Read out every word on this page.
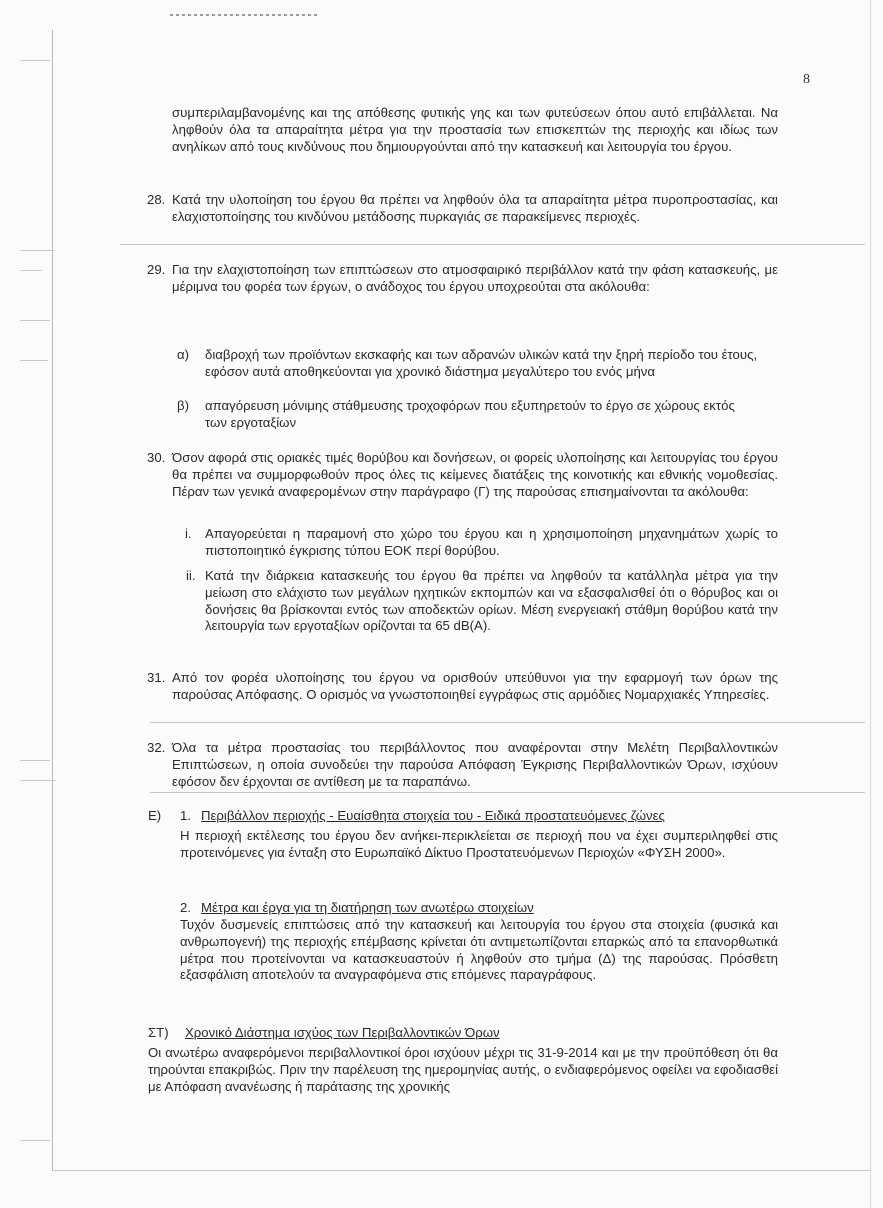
8
συμπεριλαμβανομένης και της απόθεσης φυτικής γης και των φυτεύσεων όπου αυτό επιβάλλεται. Να ληφθούν όλα τα απαραίτητα μέτρα για την προστασία των επισκεπτών της περιοχής και ιδίως των ανηλίκων από τους κινδύνους που δημιουργούνται από την κατασκευή και λειτουργία του έργου.
28. Κατά την υλοποίηση του έργου θα πρέπει να ληφθούν όλα τα απαραίτητα μέτρα πυροπροστασίας, και ελαχιστοποίησης του κινδύνου μετάδοσης πυρκαγιάς σε παρακείμενες περιοχές.
29. Για την ελαχιστοποίηση των επιπτώσεων στο ατμοσφαιρικό περιβάλλον κατά την φάση κατασκευής, με μέριμνα του φορέα των έργων, ο ανάδοχος του έργου υποχρεούται στα ακόλουθα:
α) διαβροχή των προϊόντων εκσκαφής και των αδρανών υλικών κατά την ξηρή περίοδο του έτους, εφόσον αυτά αποθηκεύονται για χρονικό διάστημα μεγαλύτερο του ενός μήνα
β) απαγόρευση μόνιμης στάθμευσης τροχοφόρων που εξυπηρετούν το έργο σε χώρους εκτός των εργοταξίων
30. Όσον αφορά στις οριακές τιμές θορύβου και δονήσεων, οι φορείς υλοποίησης και λειτουργίας του έργου θα πρέπει να συμμορφωθούν προς όλες τις κείμενες διατάξεις της κοινοτικής και εθνικής νομοθεσίας. Πέραν των γενικά αναφερομένων στην παράγραφο (Γ) της παρούσας επισημαίνονται τα ακόλουθα:
i. Απαγορεύεται η παραμονή στο χώρο του έργου και η χρησιμοποίηση μηχανημάτων χωρίς το πιστοποιητικό έγκρισης τύπου ΕΟΚ περί θορύβου.
ii. Κατά την διάρκεια κατασκευής του έργου θα πρέπει να ληφθούν τα κατάλληλα μέτρα για την μείωση στο ελάχιστο των μεγάλων ηχητικών εκπομπών και να εξασφαλισθεί ότι ο θόρυβος και οι δονήσεις θα βρίσκονται εντός των αποδεκτών ορίων. Μέση ενεργειακή στάθμη θορύβου κατά την λειτουργία των εργοταξίων ορίζονται τα 65 dB(A).
31. Από τον φορέα υλοποίησης του έργου να ορισθούν υπεύθυνοι για την εφαρμογή των όρων της παρούσας Απόφασης. Ο ορισμός να γνωστοποιηθεί εγγράφως στις αρμόδιες Νομαρχιακές Υπηρεσίες.
32. Όλα τα μέτρα προστασίας του περιβάλλοντος που αναφέρονται στην Μελέτη Περιβαλλοντικών Επιπτώσεων, η οποία συνοδεύει την παρούσα Απόφαση Έγκρισης Περιβαλλοντικών Όρων, ισχύουν εφόσον δεν έρχονται σε αντίθεση με τα παραπάνω.
Ε) 1. Περιβάλλον περιοχής - Ευαίσθητα στοιχεία του - Ειδικά προστατευόμενες ζώνες
Η περιοχή εκτέλεσης του έργου δεν ανήκει-περικλείεται σε περιοχή που να έχει συμπεριληφθεί στις προτεινόμενες για ένταξη στο Ευρωπαϊκό Δίκτυο Προστατευόμενων Περιοχών «ΦΥΣΗ 2000».
2. Μέτρα και έργα για τη διατήρηση των ανωτέρω στοιχείων
Τυχόν δυσμενείς επιπτώσεις από την κατασκευή και λειτουργία του έργου στα στοιχεία (φυσικά και ανθρωπογενή) της περιοχής επέμβασης κρίνεται ότι αντιμετωπίζονται επαρκώς από τα επανορθωτικά μέτρα που προτείνονται να κατασκευαστούν ή ληφθούν στο τμήμα (Δ) της παρούσας. Πρόσθετη εξασφάλιση αποτελούν τα αναγραφόμενα στις επόμενες παραγράφους.
ΣΤ) Χρονικό Διάστημα ισχύος των Περιβαλλοντικών Όρων
Οι ανωτέρω αναφερόμενοι περιβαλλοντικοί όροι ισχύουν μέχρι τις 31-9-2014 και με την προϋπόθεση ότι θα τηρούνται επακριβώς. Πριν την παρέλευση της ημερομηνίας αυτής, ο ενδιαφερόμενος οφείλει να εφοδιασθεί με Απόφαση ανανέωσης ή παράτασης της χρονικής
